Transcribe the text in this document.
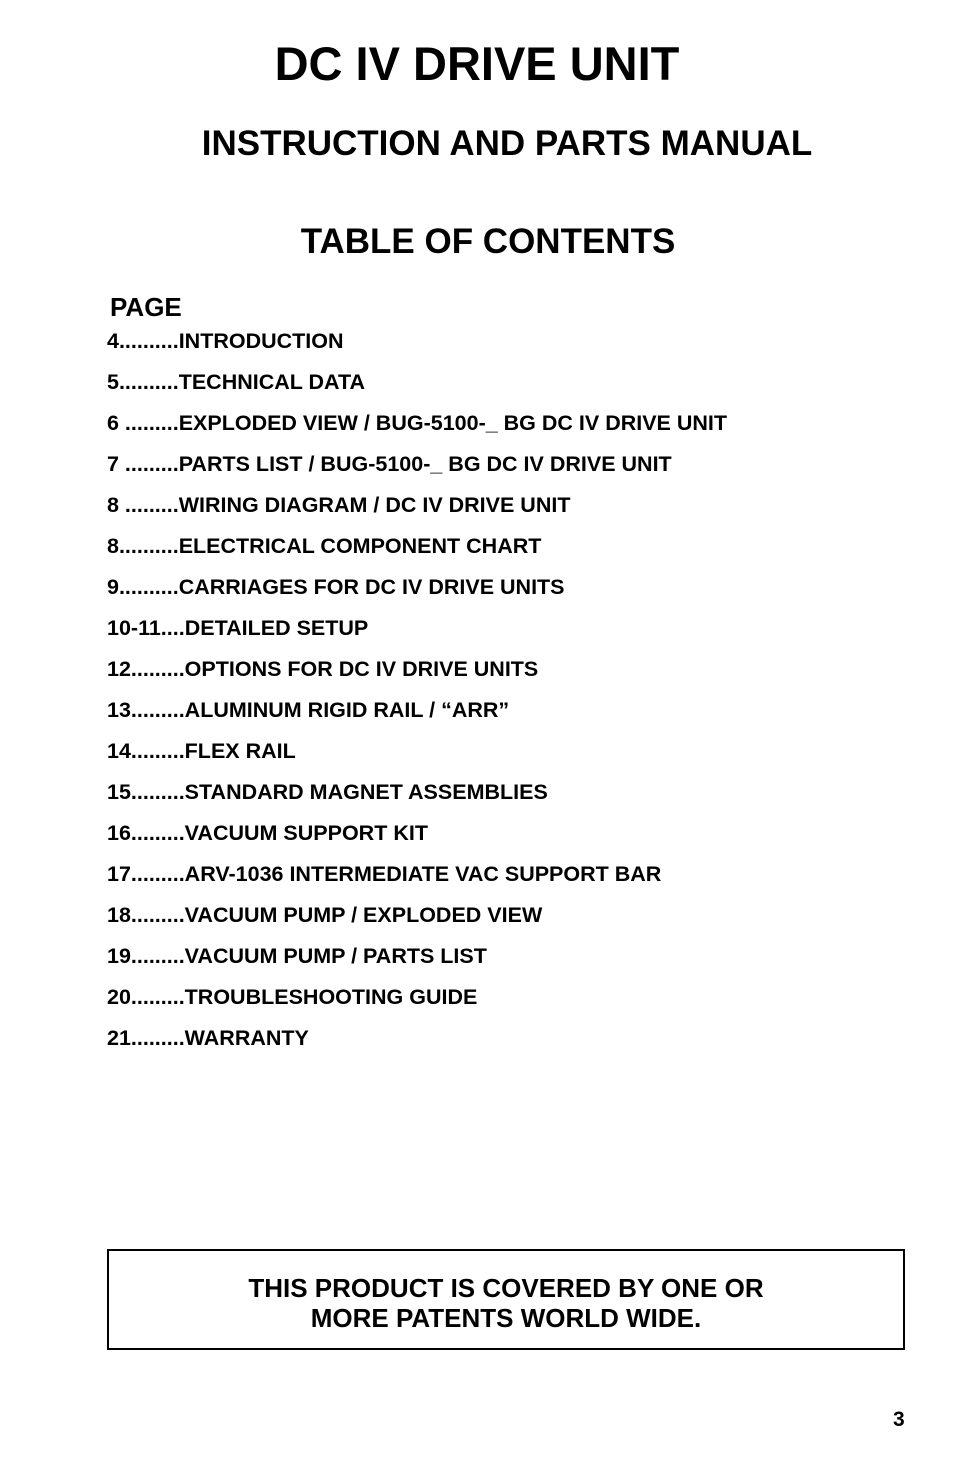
DC IV DRIVE UNIT
INSTRUCTION AND PARTS MANUAL
TABLE OF CONTENTS
PAGE
4..........INTRODUCTION
5..........TECHNICAL DATA
6 .........EXPLODED VIEW / BUG-5100-_ BG DC IV DRIVE UNIT
7 .........PARTS LIST / BUG-5100-_ BG DC IV DRIVE UNIT
8 .........WIRING DIAGRAM / DC IV DRIVE UNIT
8..........ELECTRICAL COMPONENT CHART
9..........CARRIAGES FOR DC IV DRIVE UNITS
10-11....DETAILED SETUP
12.........OPTIONS FOR DC IV DRIVE UNITS
13.........ALUMINUM RIGID RAIL / “ARR”
14.........FLEX RAIL
15.........STANDARD MAGNET ASSEMBLIES
16.........VACUUM SUPPORT KIT
17.........ARV-1036 INTERMEDIATE VAC SUPPORT BAR
18.........VACUUM PUMP / EXPLODED VIEW
19.........VACUUM PUMP / PARTS LIST
20.........TROUBLESHOOTING GUIDE
21.........WARRANTY
THIS PRODUCT IS COVERED BY ONE OR
MORE PATENTS WORLD WIDE.
3
